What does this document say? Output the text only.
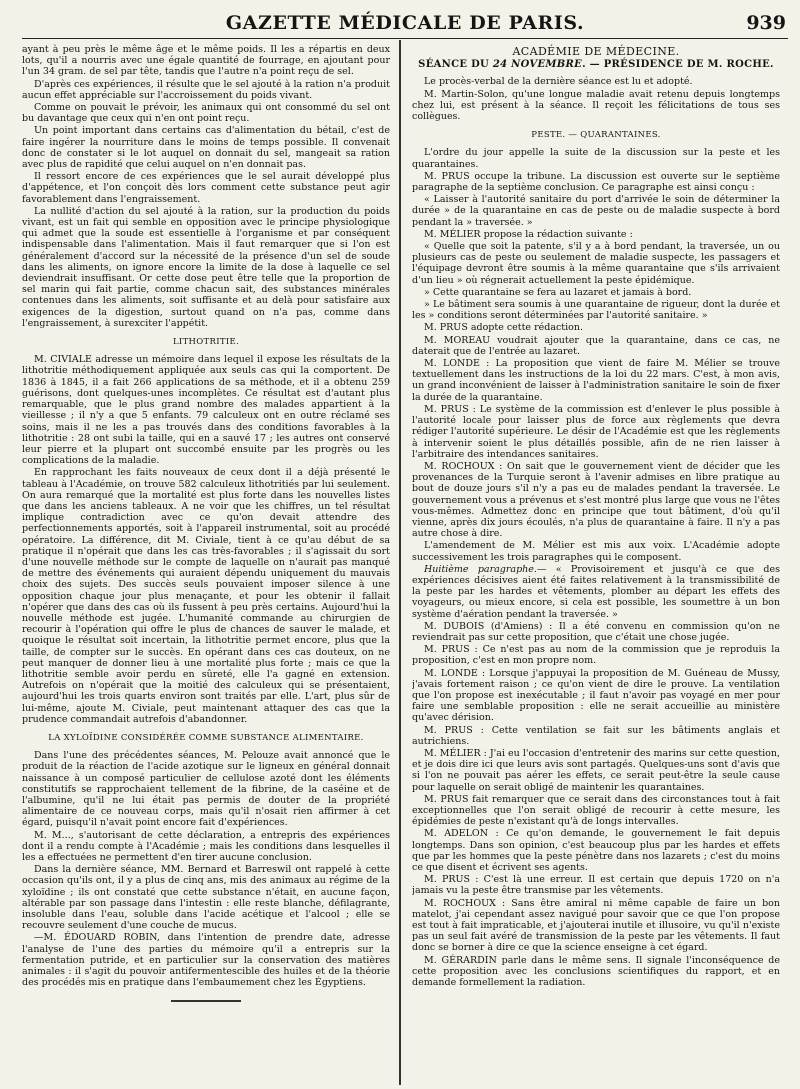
GAZETTE MÉDICALE DE PARIS.	939

ayant à peu près le même âge et le même poids. Il les a répartis en deux lots, qu'il a nourris avec une égale quantité de fourrage, en ajoutant pour l'un 34 gram. de sel par tête, tandis que l'autre n'a point reçu de sel.

D'après ces expériences, il résulte que le sel ajouté à la ration n'a produit aucun effet appréciable sur l'accroissement du poids vivant.

Comme on pouvait le prévoir, les animaux qui ont consommé du sel ont bu davantage que ceux qui n'en ont point reçu.

Un point important dans certains cas d'alimentation du bétail, c'est de faire ingérer la nourriture dans le moins de temps possible. Il convenait donc de constater si le lot auquel on donnait du sel, mangeait sa ration avec plus de rapidité que celui auquel on n'en donnait pas.

Il ressort encore de ces expériences que le sel aurait développé plus d'appétence, et l'on conçoit dès lors comment cette substance peut agir favorablement dans l'engraissement.

La nullité d'action du sel ajouté à la ration, sur la production du poids vivant, est un fait qui semble en opposition avec le principe physiologique qui admet que la soude est essentielle à l'organisme et par conséquent indispensable dans l'alimentation. Mais il faut remarquer que si l'on est généralement d'accord sur la nécessité de la présence d'un sel de soude dans les aliments, on ignore encore la limite de la dose à laquelle ce sel deviendrait insuffisant. Or cette dose peut être telle que la proportion de sel marin qui fait partie, comme chacun sait, des substances minérales contenues dans les aliments, soit suffisante et au delà pour satisfaire aux exigences de la digestion, surtout quand on n'a pas, comme dans l'engraissement, à surexciter l'appétit.

LITHOTRITIE.

M. CIVIALE adresse un mémoire dans lequel il expose les résultats de la lithotritie méthodiquement appliquée aux seuls cas qui la comportent. De 1836 à 1845, il a fait 266 applications de sa méthode, et il a obtenu 259 guérisons, dont quelques-unes incomplètes. Ce résultat est d'autant plus remarquable, que le plus grand nombre des malades appartient à la vieillesse ; il n'y a que 5 enfants. 79 calculeux ont en outre réclamé ses soins, mais il ne les a pas trouvés dans des conditions favorables à la lithotritie : 28 ont subi la taille, qui en a sauvé 17 ; les autres ont conservé leur pierre et la plupart ont succombé ensuite par les progrès ou les complications de la maladie.

En rapprochant les faits nouveaux de ceux dont il a déjà présenté le tableau à l'Académie, on trouve 582 calculeux lithotritiés par lui seulement. On aura remarqué que la mortalité est plus forte dans les nouvelles listes que dans les anciens tableaux. A ne voir que les chiffres, un tel résultat implique contradiction avec ce qu'on devait attendre des perfectionnements apportés, soit à l'appareil instrumental, soit au procédé opératoire. La différence, dit M. Civiale, tient à ce qu'au début de sa pratique il n'opérait que dans les cas très-favorables ; il s'agissait du sort d'une nouvelle méthode sur le compte de laquelle on n'aurait pas manqué de mettre des événements qui auraient dépendu uniquement du mauvais choix des sujets. Des succès seuls pouvaient imposer silence à une opposition chaque jour plus menaçante, et pour les obtenir il fallait n'opérer que dans des cas où ils fussent à peu près certains. Aujourd'hui la nouvelle méthode est jugée. L'humanité commande au chirurgien de recourir à l'opération qui offre le plus de chances de sauver le malade, et quoique le résultat soit incertain, la lithotritie permet encore, plus que la taille, de compter sur le succès. En opérant dans ces cas douteux, on ne peut manquer de donner lieu à une mortalité plus forte ; mais ce que la lithotritie semble avoir perdu en sûreté, elle l'a gagné en extension. Autrefois on n'opérait que la moitié des calculeux qui se présentaient, aujourd'hui les trois quarts environ sont traités par elle. L'art, plus sûr de lui-même, ajoute M. Civiale, peut maintenant attaquer des cas que la prudence commandait autrefois d'abandonner.

LA XYLOÏDINE CONSIDÉRÉE COMME SUBSTANCE ALIMENTAIRE.

Dans l'une des précédentes séances, M. Pelouze avait annoncé que le produit de la réaction de l'acide azotique sur le ligneux en général donnait naissance à un composé particulier de cellulose azoté dont les éléments constitutifs se rapprochaient tellement de la fibrine, de la caséine et de l'albumine, qu'il ne lui était pas permis de douter de la propriété alimentaire de ce nouveau corps, mais qu'il n'osait rien affirmer à cet égard, puisqu'il n'avait point encore fait d'expériences.

M. M..., s'autorisant de cette déclaration, a entrepris des expériences dont il a rendu compte à l'Académie ; mais les conditions dans lesquelles il les a effectuées ne permettent d'en tirer aucune conclusion.

Dans la dernière séance, MM. Bernard et Barreswil ont rappelé à cette occasion qu'ils ont, il y a plus de cinq ans, mis des animaux au régime de la xyloïdine ; ils ont constaté que cette substance n'était, en aucune façon, altérable par son passage dans l'intestin : elle reste blanche, défilagrante, insoluble dans l'eau, soluble dans l'acide acétique et l'alcool ; elle se recouvre seulement d'une couche de mucus.

—M. ÉDOUARD ROBIN, dans l'intention de prendre date, adresse l'analyse de l'une des parties du mémoire qu'il a entrepris sur la fermentation putride, et en particulier sur la conservation des matières animales : il s'agit du pouvoir antifermentescible des huiles et de la théorie des procédés mis en pratique dans l'embaumement chez les Égyptiens.

ACADÉMIE DE MÉDECINE.
SÉANCE DU 24 NOVEMBRE. — PRÉSIDENCE DE M. ROCHE.

Le procès-verbal de la dernière séance est lu et adopté.

M. Martin-Solon, qu'une longue maladie avait retenu depuis longtemps chez lui, est présent à la séance. Il reçoit les félicitations de tous ses collègues.

PESTE. — QUARANTAINES.

L'ordre du jour appelle la suite de la discussion sur la peste et les quarantaines.

M. PRUS occupe la tribune. La discussion est ouverte sur le septième paragraphe de la septième conclusion. Ce paragraphe est ainsi conçu :

« Laisser à l'autorité sanitaire du port d'arrivée le soin de déterminer la durée » de la quarantaine en cas de peste ou de maladie suspecte à bord pendant la » traversée. »

M. MÉLIER propose la rédaction suivante :

« Quelle que soit la patente, s'il y a à bord pendant, la traversée, un ou plusieurs cas de peste ou seulement de maladie suspecte, les passagers et l'équipage devront être soumis à la même quarantaine que s'ils arrivaient d'un lieu » où régnerait actuellement la peste épidémique.

» Cette quarantaine se fera au lazaret et jamais à bord.

» Le bâtiment sera soumis à une quarantaine de rigueur, dont la durée et les » conditions seront déterminées par l'autorité sanitaire. »

M. PRUS adopte cette rédaction.

M. MOREAU voudrait ajouter que la quarantaine, dans ce cas, ne daterait que de l'entrée au lazaret.

M. LONDE : La proposition que vient de faire M. Mélier se trouve textuellement dans les instructions de la loi du 22 mars. C'est, à mon avis, un grand inconvénient de laisser à l'administration sanitaire le soin de fixer la durée de la quarantaine.

M. PRUS : Le système de la commission est d'enlever le plus possible à l'autorité locale pour laisser plus de force aux règlements que devra rédiger l'autorité supérieure. Le désir de l'Académie est que les règlements à intervenir soient le plus détaillés possible, afin de ne rien laisser à l'arbitraire des intendances sanitaires.

M. ROCHOUX : On sait que le gouvernement vient de décider que les provenances de la Turquie seront à l'avenir admises en libre pratique au bout de douze jours s'il n'y a pas eu de malades pendant la traversée. Le gouvernement vous a prévenus et s'est montré plus large que vous ne l'êtes vous-mêmes. Admettez donc en principe que tout bâtiment, d'où qu'il vienne, après dix jours écoulés, n'a plus de quarantaine à faire. Il n'y a pas autre chose à dire.

L'amendement de M. Mélier est mis aux voix. L'Académie adopte successivement les trois paragraphes qui le composent.

Huitième paragraphe.— « Provisoirement et jusqu'à ce que des expériences décisives aient été faites relativement à la transmissibilité de la peste par les hardes et vêtements, plomber au départ les effets des voyageurs, ou mieux encore, si cela est possible, les soumettre à un bon système d'aération pendant la traversée. »

M. DUBOIS (d'Amiens) : Il a été convenu en commission qu'on ne reviendrait pas sur cette proposition, que c'était une chose jugée.

M. PRUS : Ce n'est pas au nom de la commission que je reproduis la proposition, c'est en mon propre nom.

M. LONDE : Lorsque j'appuyai la proposition de M. Guéneau de Mussy, j'avais fortement raison ; ce qu'on vient de dire le prouve. La ventilation que l'on propose est inexécutable ; il faut n'avoir pas voyagé en mer pour faire une semblable proposition : elle ne serait accueillie au ministère qu'avec dérision.

M. PRUS : Cette ventilation se fait sur les bâtiments anglais et autrichiens.

M. MÉLIER : J'ai eu l'occasion d'entretenir des marins sur cette question, et je dois dire ici que leurs avis sont partagés. Quelques-uns sont d'avis que si l'on ne pouvait pas aérer les effets, ce serait peut-être la seule cause pour laquelle on serait obligé de maintenir les quarantaines.

M. PRUS fait remarquer que ce serait dans des circonstances tout à fait exceptionnelles que l'on serait obligé de recourir à cette mesure, les épidémies de peste n'existant qu'à de longs intervalles.

M. ADELON : Ce qu'on demande, le gouvernement le fait depuis longtemps. Dans son opinion, c'est beaucoup plus par les hardes et effets que par les hommes que la peste pénètre dans nos lazarets ; c'est du moins ce que disent et écrivent ses agents.

M. PRUS : C'est là une erreur. Il est certain que depuis 1720 on n'a jamais vu la peste être transmise par les vêtements.

M. ROCHOUX : Sans être amiral ni même capable de faire un bon matelot, j'ai cependant assez navigué pour savoir que ce que l'on propose est tout à fait impraticable, et j'ajouterai inutile et illusoire, vu qu'il n'existe pas un seul fait avéré de transmission de la peste par les vêtements. Il faut donc se borner à dire ce que la science enseigne à cet égard.

M. GÉRARDIN parle dans le même sens. Il signale l'inconséquence de cette proposition avec les conclusions scientifiques du rapport, et en demande formellement la radiation.
